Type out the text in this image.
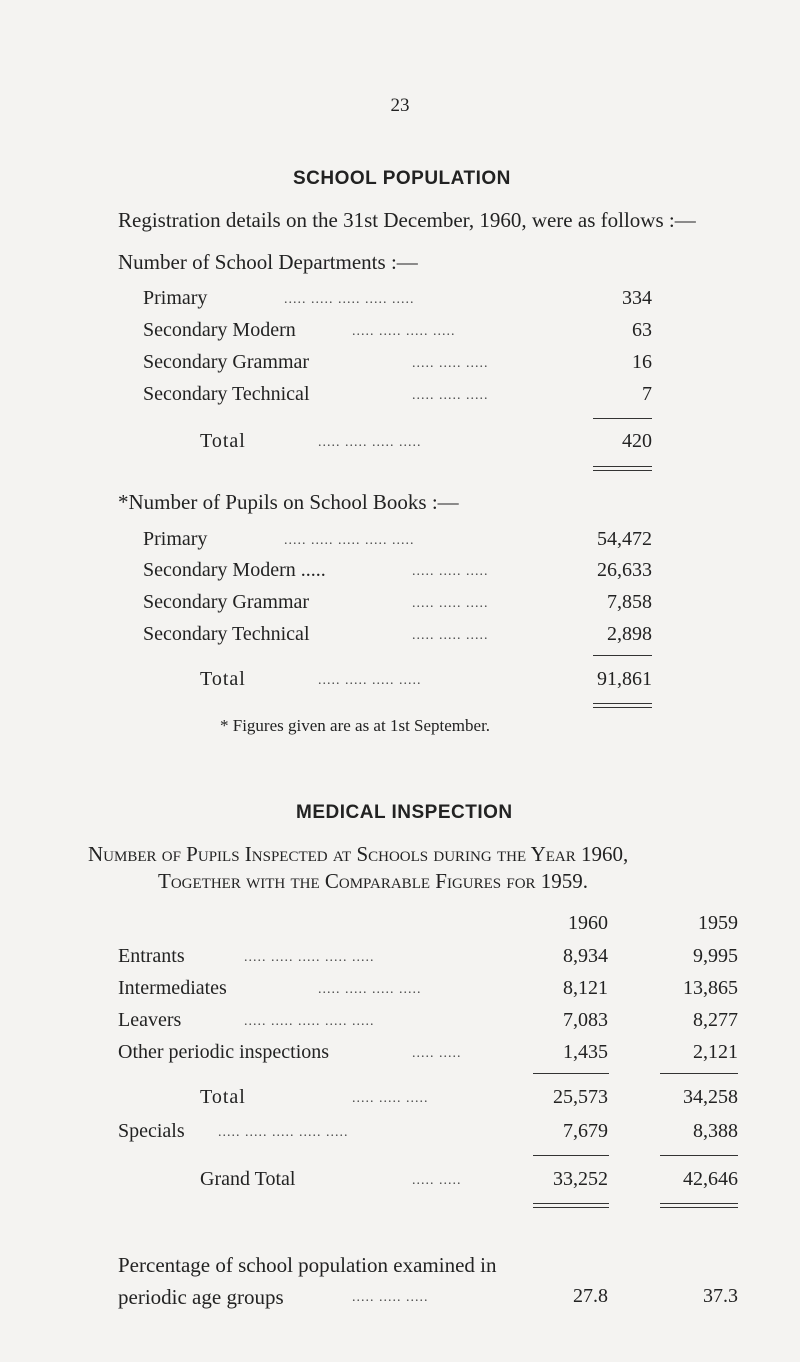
23
SCHOOL POPULATION
Registration details on the 31st December, 1960, were as follows :—
Number of School Departments :—
Primary	..... ..... ..... ..... .....	334
Secondary Modern	..... ..... ..... .....	63
Secondary Grammar	..... ..... .....	16
Secondary Technical	..... ..... .....	7
Total	..... ..... ..... .....	420
*Number of Pupils on School Books :—
Primary	..... ..... ..... ..... .....	54,472
Secondary Modern .....	..... ..... .....	26,633
Secondary Grammar	..... ..... .....	7,858
Secondary Technical	..... ..... .....	2,898
Total	..... ..... ..... .....	91,861
* Figures given are as at 1st September.
MEDICAL INSPECTION
Number of Pupils Inspected at Schools during the Year 1960,
Together with the Comparable Figures for 1959.
1960	1959
Entrants	..... ..... ..... ..... .....	8,934	9,995
Intermediates	..... ..... ..... .....	8,121	13,865
Leavers	..... ..... ..... ..... .....	7,083	8,277
Other periodic inspections	..... .....	1,435	2,121
Total	..... ..... .....	25,573	34,258
Specials ..... ..... ..... ..... .....	7,679	8,388
Grand Total	..... .....	33,252	42,646
Percentage of school population examined in
periodic age groups	..... ..... .....	27.8	37.3
